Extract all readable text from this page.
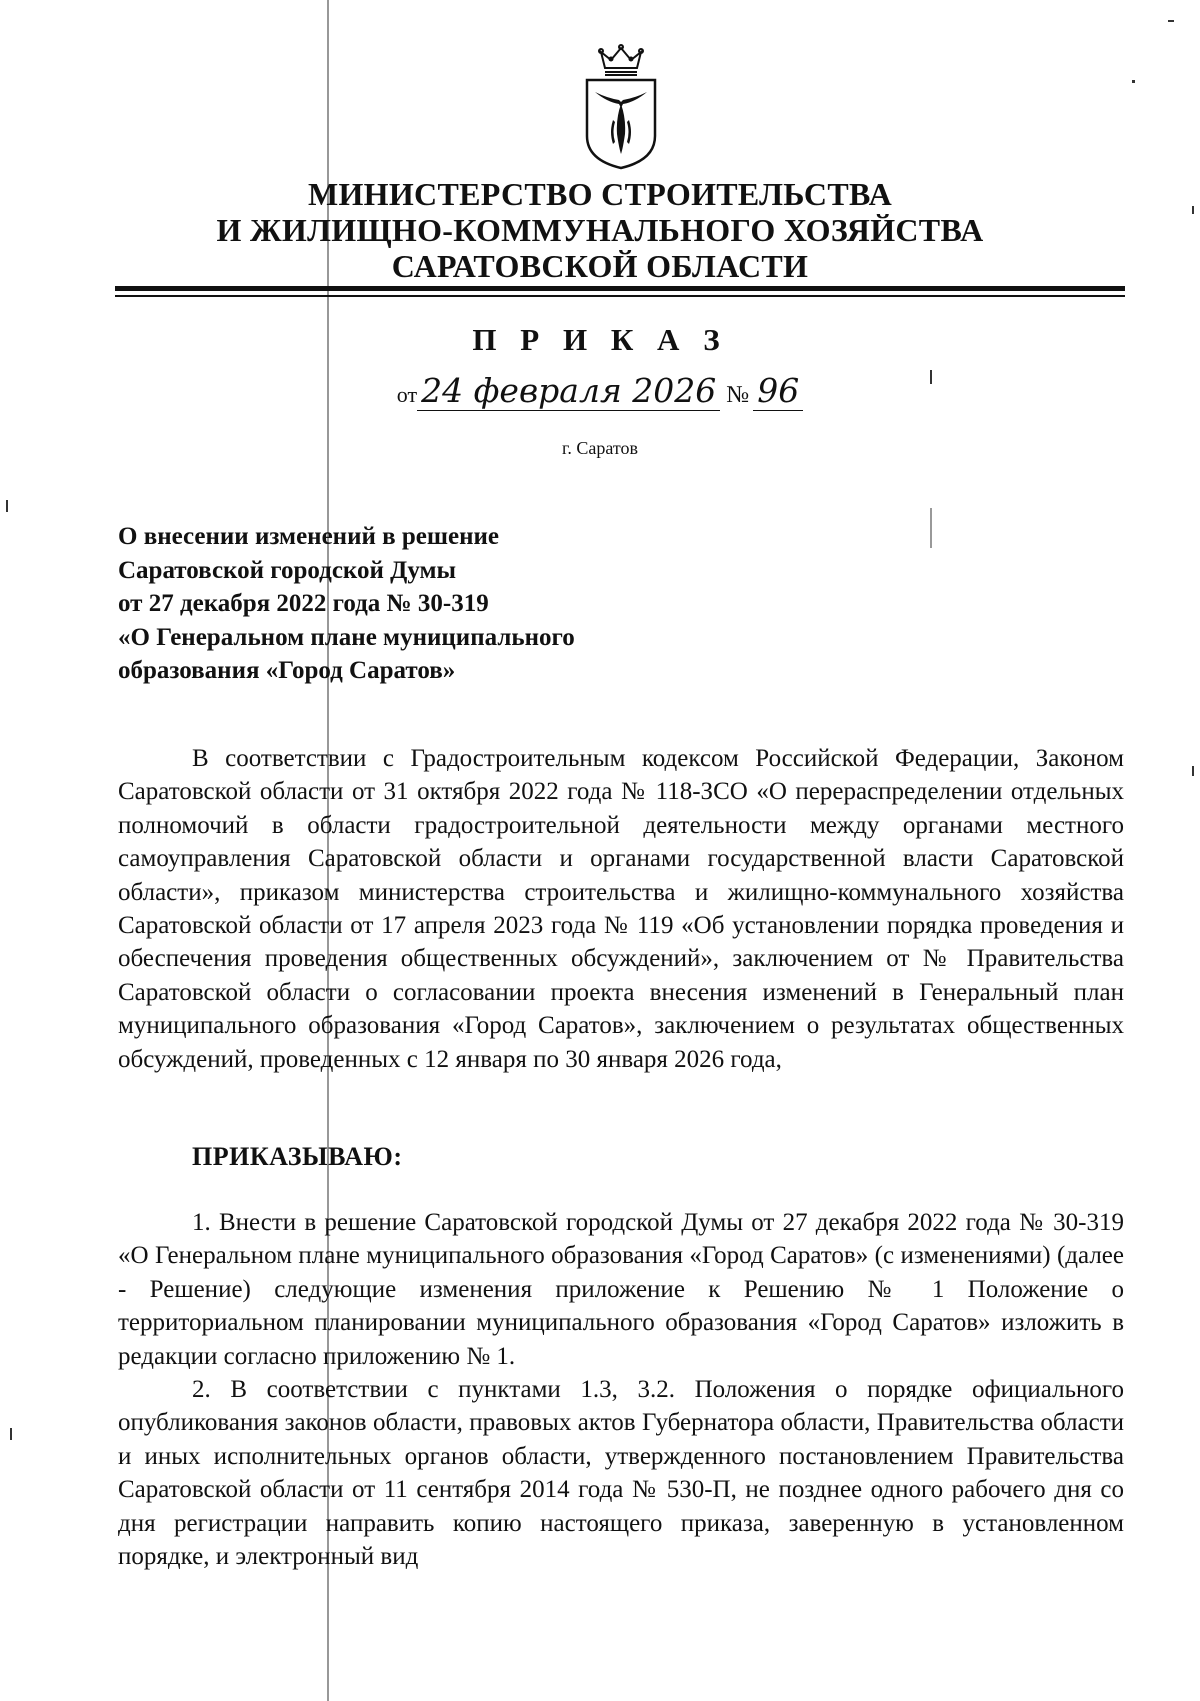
МИНИСТЕРСТВО СТРОИТЕЛЬСТВА
И ЖИЛИЩНО-КОММУНАЛЬНОГО ХОЗЯЙСТВА
САРАТОВСКОЙ ОБЛАСТИ
П Р И К А З
от 24 февраля 2026 № 96
г. Саратов
О внесении изменений в решение
Саратовской городской Думы
от 27 декабря 2022 года № 30-319
«О Генеральном плане муниципального
образования «Город Саратов»
В соответствии с Градостроительным кодексом Российской Федерации, Законом Саратовской области от 31 октября 2022 года № 118-ЗСО «О перераспределении отдельных полномочий в области градостроительной деятельности между органами местного самоуправления Саратовской области и органами государственной власти Саратовской области», приказом министерства строительства и жилищно-коммунального хозяйства Саратовской области от 17 апреля 2023 года № 119 «Об установлении порядка проведения и обеспечения проведения общественных обсуждений», заключением от № Правительства Саратовской области о согласовании проекта внесения изменений в Генеральный план муниципального образования «Город Саратов», заключением о результатах общественных обсуждений, проведенных с 12 января по 30 января 2026 года,
ПРИКАЗЫВАЮ:
1. Внести в решение Саратовской городской Думы от 27 декабря 2022 года № 30-319 «О Генеральном плане муниципального образования «Город Саратов» (с изменениями) (далее - Решение) следующие изменения приложение к Решению № 1 Положение о территориальном планировании муниципального образования «Город Саратов» изложить в редакции согласно приложению № 1.
2. В соответствии с пунктами 1.3, 3.2. Положения о порядке официального опубликования законов области, правовых актов Губернатора области, Правительства области и иных исполнительных органов области, утвержденного постановлением Правительства Саратовской области от 11 сентября 2014 года № 530-П, не позднее одного рабочего дня со дня регистрации направить копию настоящего приказа, заверенную в установленном порядке, и электронный вид
